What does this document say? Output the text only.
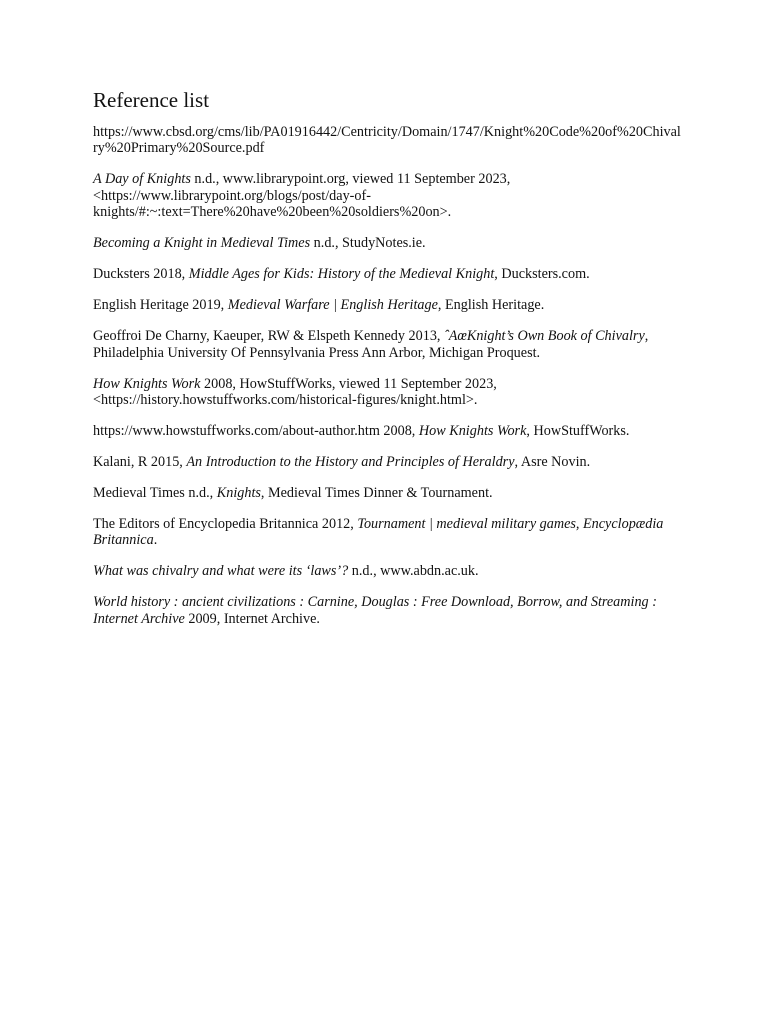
Reference list
https://www.cbsd.org/cms/lib/PA01916442/Centricity/Domain/1747/Knight%20Code%20of%20Chivalry%20Primary%20Source.pdf
A Day of Knights n.d., www.librarypoint.org, viewed 11 September 2023, <https://www.librarypoint.org/blogs/post/day-of-knights/#:~:text=There%20have%20been%20soldiers%20on>.
Becoming a Knight in Medieval Times n.d., StudyNotes.ie.
Ducksters 2018, Middle Ages for Kids: History of the Medieval Knight, Ducksters.com.
English Heritage 2019, Medieval Warfare | English Heritage, English Heritage.
Geoffroi De Charny, Kaeuper, RW & Elspeth Kennedy 2013, ˆAœKnight’s Own Book of Chivalry, Philadelphia University Of Pennsylvania Press Ann Arbor, Michigan Proquest.
How Knights Work 2008, HowStuffWorks, viewed 11 September 2023, <https://history.howstuffworks.com/historical-figures/knight.html>.
https://www.howstuffworks.com/about-author.htm 2008, How Knights Work, HowStuffWorks.
Kalani, R 2015, An Introduction to the History and Principles of Heraldry, Asre Novin.
Medieval Times n.d., Knights, Medieval Times Dinner & Tournament.
The Editors of Encyclopedia Britannica 2012, Tournament | medieval military games, Encyclopædia Britannica.
What was chivalry and what were its ‘laws’? n.d., www.abdn.ac.uk.
World history : ancient civilizations : Carnine, Douglas : Free Download, Borrow, and Streaming : Internet Archive 2009, Internet Archive.
